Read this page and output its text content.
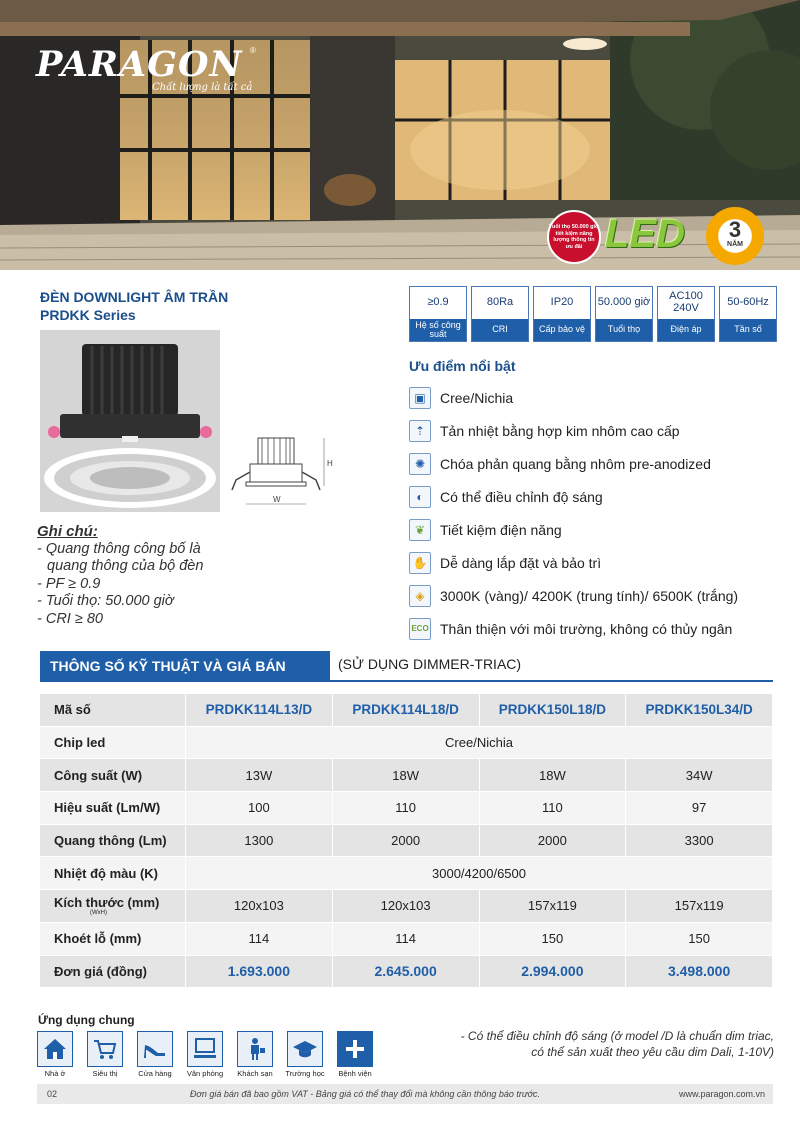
PARAGON ®
Chất lượng là tất cả
Tuổi thọ 50.000 giờ tiết kiệm năng lượng thông tin ưu đãi LED	3
NĂM
ĐÈN DOWNLIGHT ÂM TRẦN
PRDKK Series
≥0.9
Hệ số công suất
80Ra
CRI
IP20
Cấp bảo vệ
50.000 giờ
Tuổi thọ
AC100 240V
Điện áp
50-60Hz
Tần số
H
W
Ưu điểm nổi bật
▣	Cree/Nichia
⇡	Tản nhiệt bằng hợp kim nhôm cao cấp
✺	Chóa phản quang bằng nhôm pre-anodized
◐	Có thể điều chỉnh độ sáng
❦	Tiết kiệm điện năng
✋ Dễ dàng lắp đặt và bảo trì
◈	3000K (vàng)/ 4200K (trung tính)/ 6500K (trắng)
ECO Thân thiện với môi trường, không có thủy ngân
Ghi chú:
- Quang thông công bố là
quang thông của bộ đèn
- PF ≥ 0.9
- Tuổi thọ: 50.000 giờ
- CRI ≥ 80
THÔNG SỐ KỸ THUẬT VÀ GIÁ BÁN	(SỬ DỤNG DIMMER-TRIAC)
Mã số	PRDKK114L13/D	PRDKK114L18/D	PRDKK150L18/D	PRDKK150L34/D
Chip led	Cree/Nichia			
Công suất (W)	13W	18W	18W	34W
Hiệu suất (Lm/W)	100	110	110	97
Quang thông (Lm)	1300	2000	2000	3300
Nhiệt độ màu (K)	3000/4200/6500			
Kích thước (mm)
(WxH)	120x103	120x103	157x119	157x119
Khoét lỗ (mm)	114	114	150	150
Đơn giá (đồng)	1.693.000	2.645.000	2.994.000	3.498.000
Ứng dụng chung
Nhà ở	Siêu thị	Cửa hàng	Văn phòng	Khách sạn	Trường học	Bệnh viện
- Có thể điều chỉnh độ sáng (ở model /D là chuẩn dim triac,
có thể sản xuất theo yêu cầu dim Dali, 1-10V)
02	Đơn giá bán đã bao gồm VAT - Bảng giá có thể thay đổi mà không cần thông báo trước.	www.paragon.com.vn
